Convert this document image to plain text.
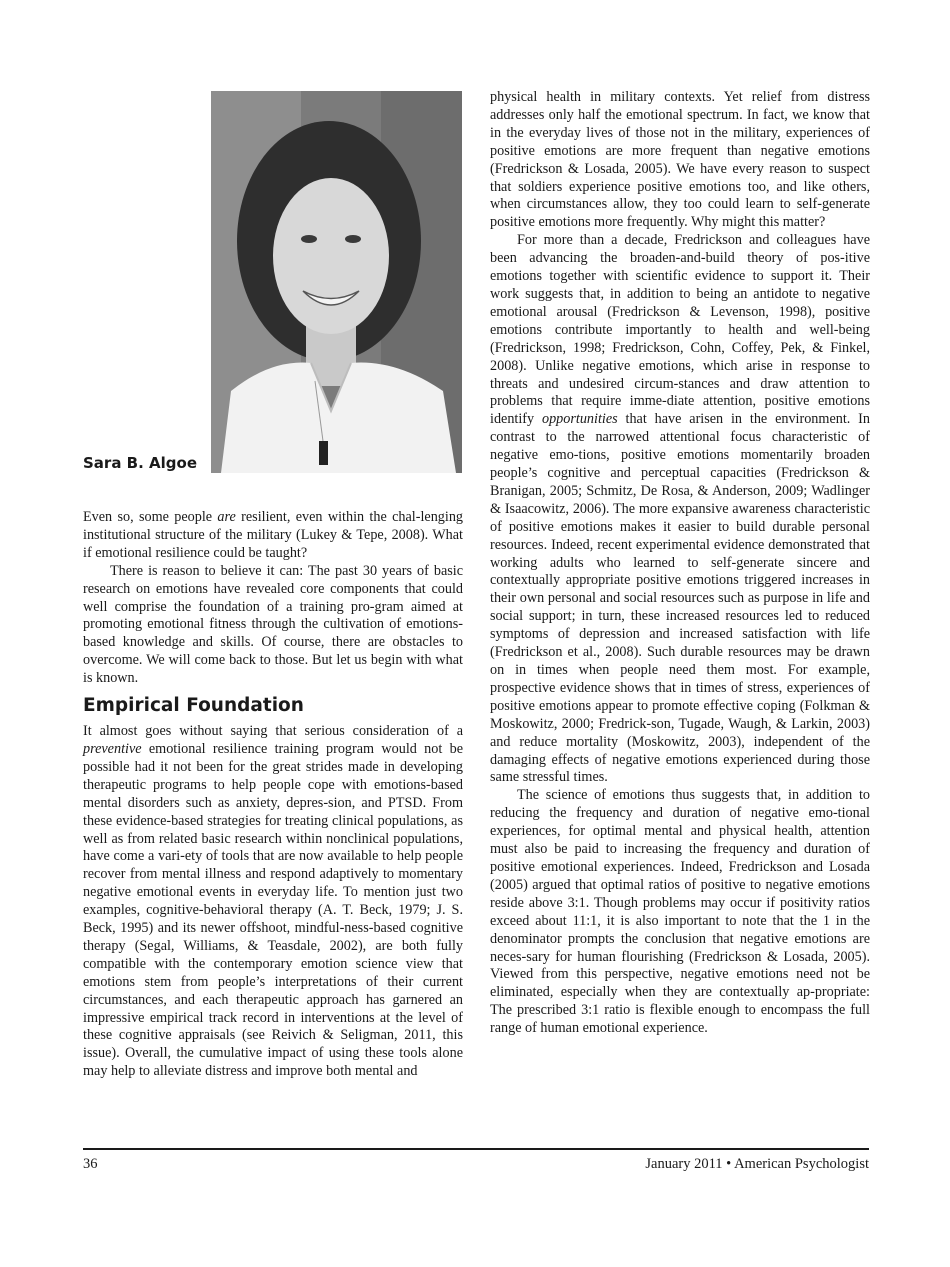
Sara B. Algoe

Even so, some people are resilient, even within the chal-lenging institutional structure of the military (Lukey & Tepe, 2008). What if emotional resilience could be taught?

There is reason to believe it can: The past 30 years of basic research on emotions have revealed core components that could well comprise the foundation of a training pro-gram aimed at promoting emotional fitness through the cultivation of emotions-based knowledge and skills. Of course, there are obstacles to overcome. We will come back to those. But let us begin with what is known.

Empirical Foundation

It almost goes without saying that serious consideration of a preventive emotional resilience training program would not be possible had it not been for the great strides made in developing therapeutic programs to help people cope with emotions-based mental disorders such as anxiety, depres-sion, and PTSD. From these evidence-based strategies for treating clinical populations, as well as from related basic research within nonclinical populations, have come a vari-ety of tools that are now available to help people recover from mental illness and respond adaptively to momentary negative emotional events in everyday life. To mention just two examples, cognitive-behavioral therapy (A. T. Beck, 1979; J. S. Beck, 1995) and its newer offshoot, mindful-ness-based cognitive therapy (Segal, Williams, & Teasdale, 2002), are both fully compatible with the contemporary emotion science view that emotions stem from people’s interpretations of their current circumstances, and each therapeutic approach has garnered an impressive empirical track record in interventions at the level of these cognitive appraisals (see Reivich & Seligman, 2011, this issue). Overall, the cumulative impact of using these tools alone may help to alleviate distress and improve both mental and

physical health in military contexts. Yet relief from distress addresses only half the emotional spectrum. In fact, we know that in the everyday lives of those not in the military, experiences of positive emotions are more frequent than negative emotions (Fredrickson & Losada, 2005). We have every reason to suspect that soldiers experience positive emotions too, and like others, when circumstances allow, they too could learn to self-generate positive emotions more frequently. Why might this matter?

For more than a decade, Fredrickson and colleagues have been advancing the broaden-and-build theory of pos-itive emotions together with scientific evidence to support it. Their work suggests that, in addition to being an antidote to negative emotional arousal (Fredrickson & Levenson, 1998), positive emotions contribute importantly to health and well-being (Fredrickson, 1998; Fredrickson, Cohn, Coffey, Pek, & Finkel, 2008). Unlike negative emotions, which arise in response to threats and undesired circum-stances and draw attention to problems that require imme-diate attention, positive emotions identify opportunities that have arisen in the environment. In contrast to the narrowed attentional focus characteristic of negative emo-tions, positive emotions momentarily broaden people’s cognitive and perceptual capacities (Fredrickson & Branigan, 2005; Schmitz, De Rosa, & Anderson, 2009; Wadlinger & Isaacowitz, 2006). The more expansive awareness characteristic of positive emotions makes it easier to build durable personal resources. Indeed, recent experimental evidence demonstrated that working adults who learned to self-generate sincere and contextually appropriate positive emotions triggered increases in their own personal and social resources such as purpose in life and social support; in turn, these increased resources led to reduced symptoms of depression and increased satisfaction with life (Fredrickson et al., 2008). Such durable resources may be drawn on in times when people need them most. For example, prospective evidence shows that in times of stress, experiences of positive emotions appear to promote effective coping (Folkman & Moskowitz, 2000; Fredrick-son, Tugade, Waugh, & Larkin, 2003) and reduce mortality (Moskowitz, 2003), independent of the damaging effects of negative emotions experienced during those same stressful times.

The science of emotions thus suggests that, in addition to reducing the frequency and duration of negative emo-tional experiences, for optimal mental and physical health, attention must also be paid to increasing the frequency and duration of positive emotional experiences. Indeed, Fredrickson and Losada (2005) argued that optimal ratios of positive to negative emotions reside above 3:1. Though problems may occur if positivity ratios exceed about 11:1, it is also important to note that the 1 in the denominator prompts the conclusion that negative emotions are neces-sary for human flourishing (Fredrickson & Losada, 2005). Viewed from this perspective, negative emotions need not be eliminated, especially when they are contextually ap-propriate: The prescribed 3:1 ratio is flexible enough to encompass the full range of human emotional experience.

36	January 2011 • American Psychologist
